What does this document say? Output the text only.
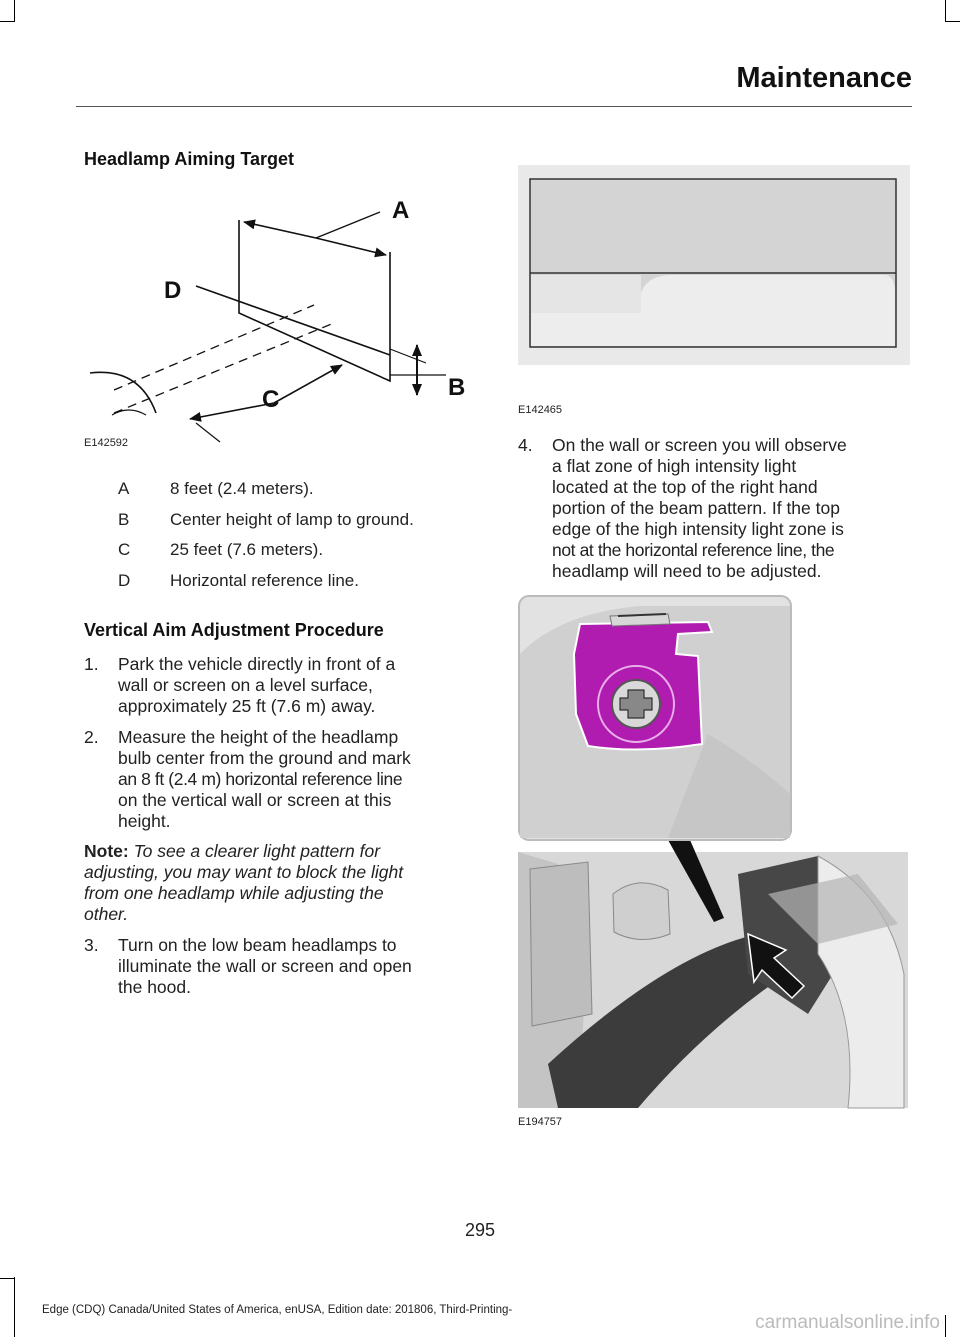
Maintenance
Headlamp Aiming Target
A
D
B
C
E142592
A 8 feet (2.4 meters).
B Center height of lamp to ground.
C 25 feet (7.6 meters).
D Horizontal reference line.
Vertical Aim Adjustment Procedure
1. Park the vehicle directly in front of a
wall or screen on a level surface,
approximately 25 ft (7.6 m) away.
2. Measure the height of the headlamp
bulb center from the ground and mark
an 8 ft (2.4 m) horizontal reference line
on the vertical wall or screen at this
height.
Note: To see a clearer light pattern for
adjusting, you may want to block the light
from one headlamp while adjusting the
other.
3. Turn on the low beam headlamps to
illuminate the wall or screen and open
the hood.
E142465
4. On the wall or screen you will observe
a flat zone of high intensity light
located at the top of the right hand
portion of the beam pattern. If the top
edge of the high intensity light zone is
not at the horizontal reference line, the
headlamp will need to be adjusted.
E194757
295
Edge (CDQ) Canada/United States of America, enUSA, Edition date: 201806, Third-Printing-
carmanualsonline.info
